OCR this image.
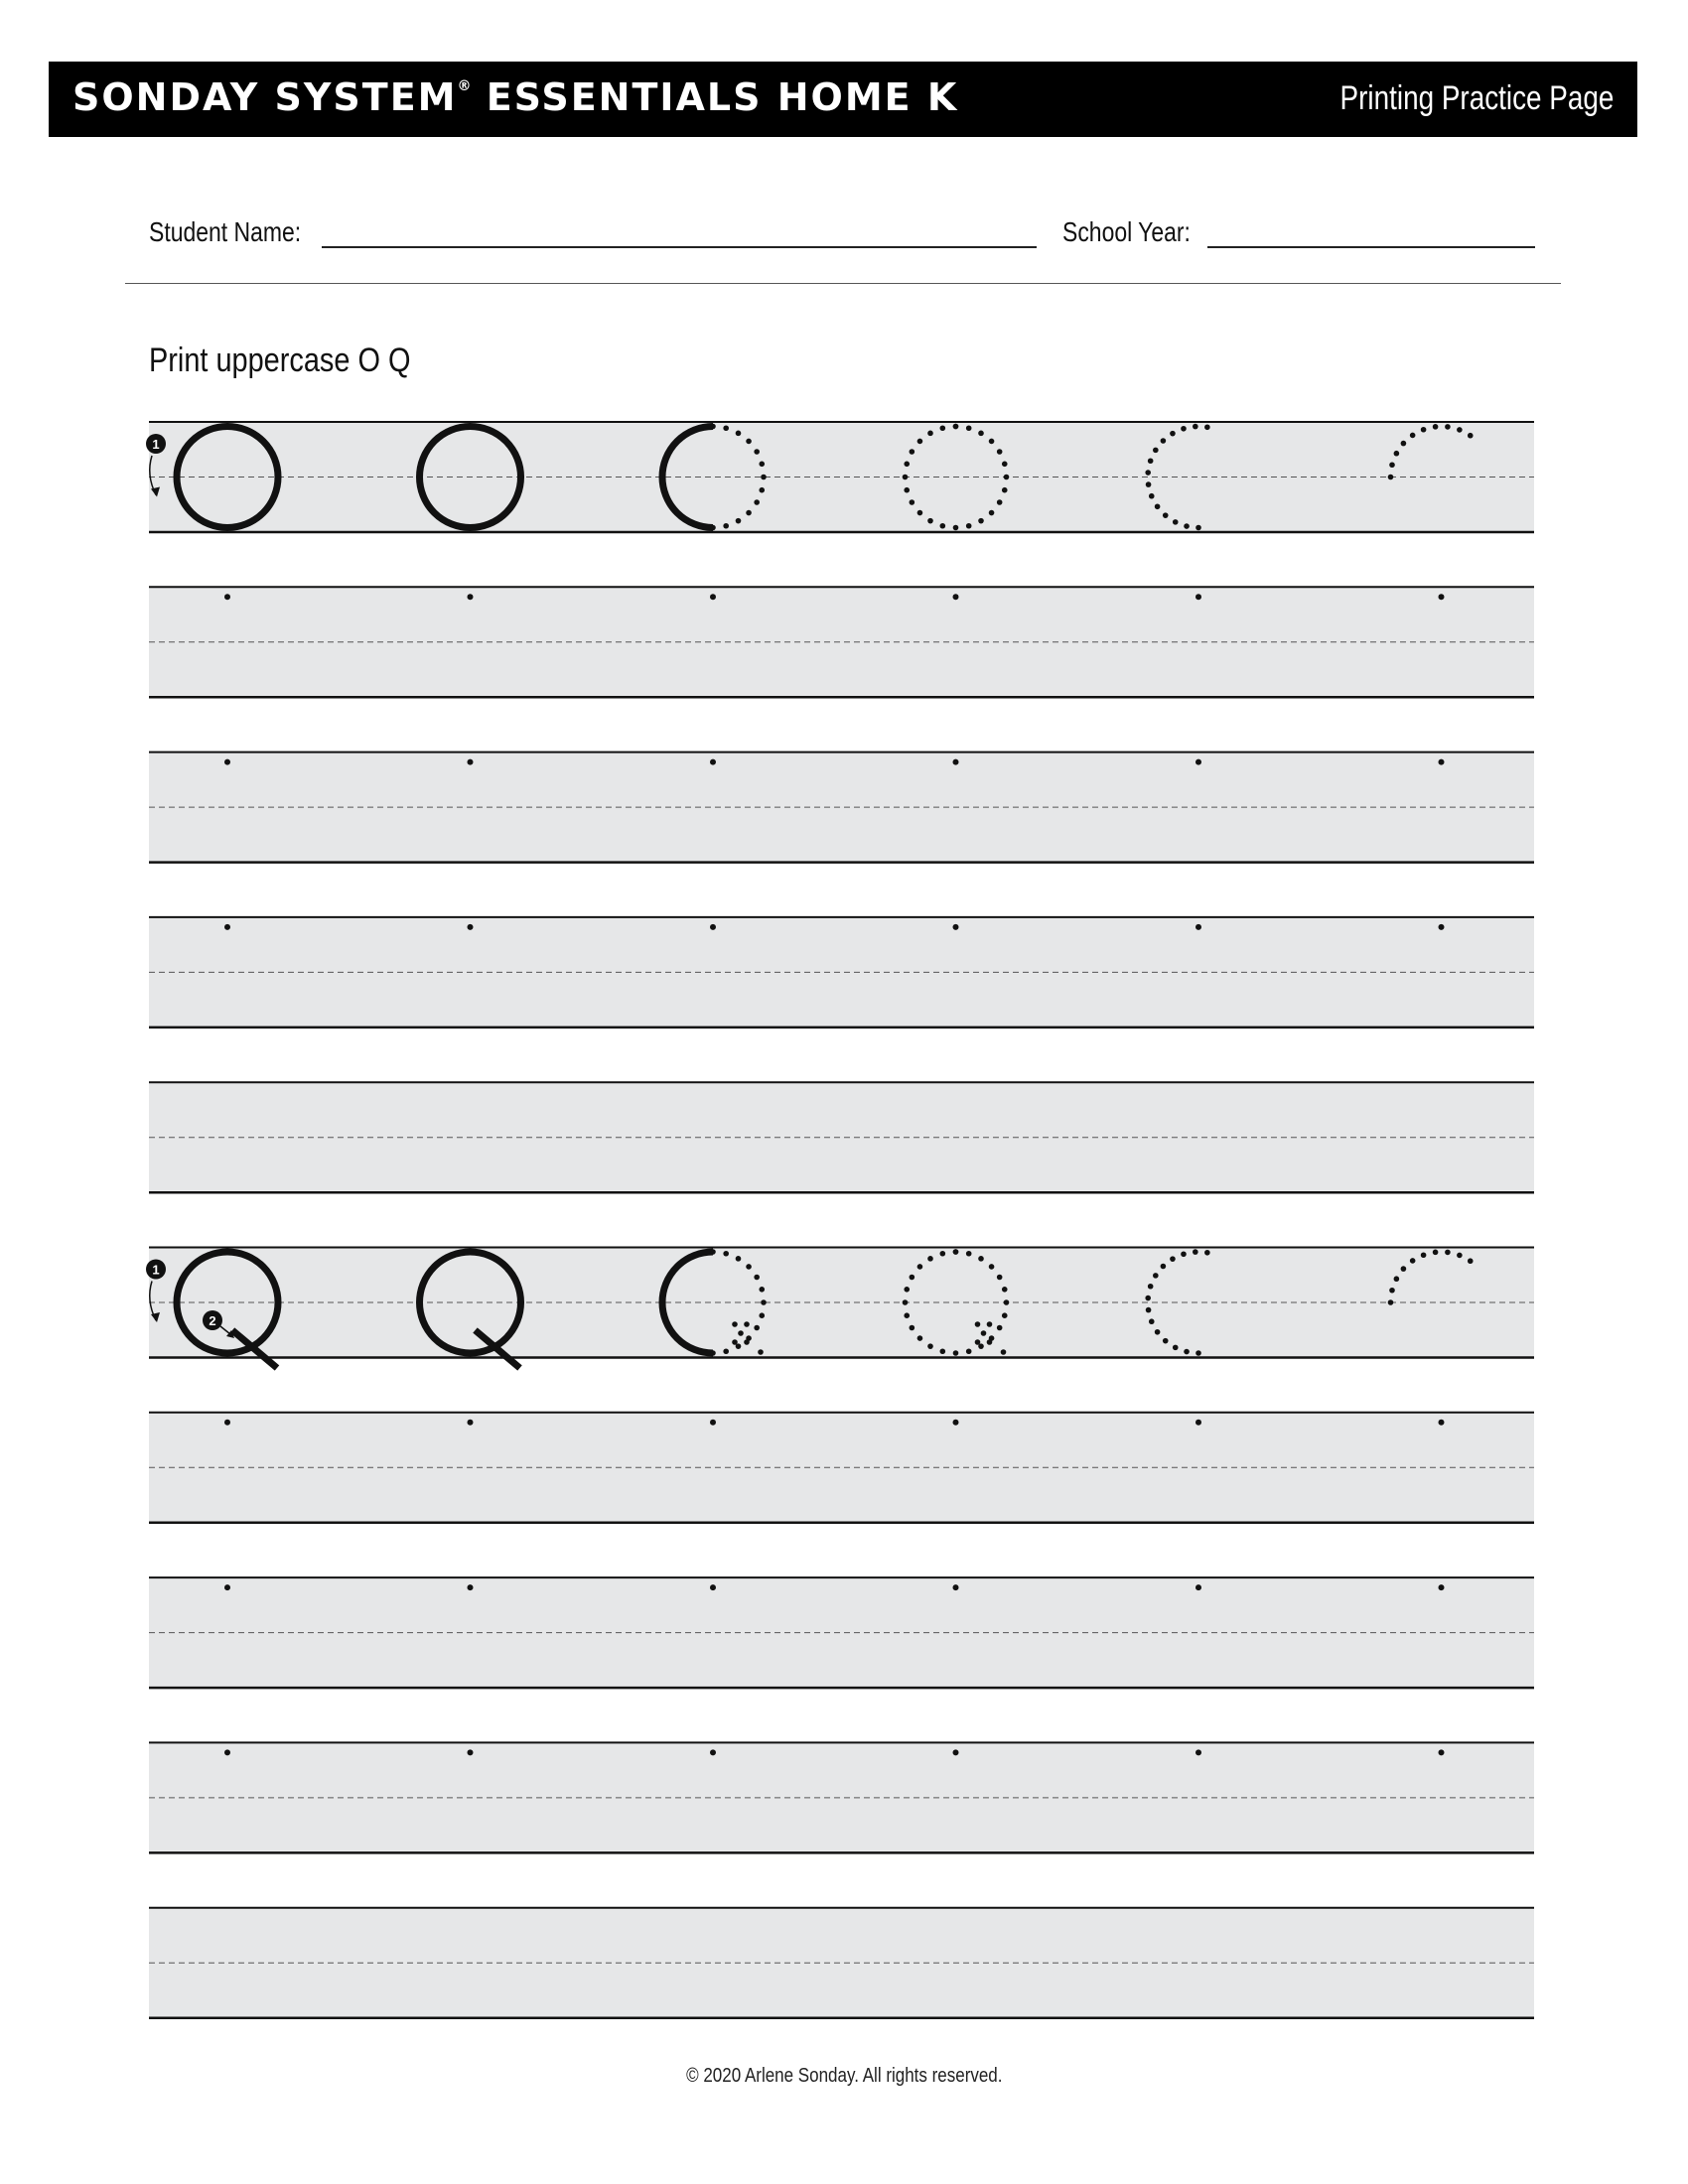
SONDAY SYSTEM® ESSENTIALS HOME K	Printing Practice Page
Student Name:	School Year:
Print uppercase O Q
1
1
2
© 2020 Arlene Sonday. All rights reserved.
